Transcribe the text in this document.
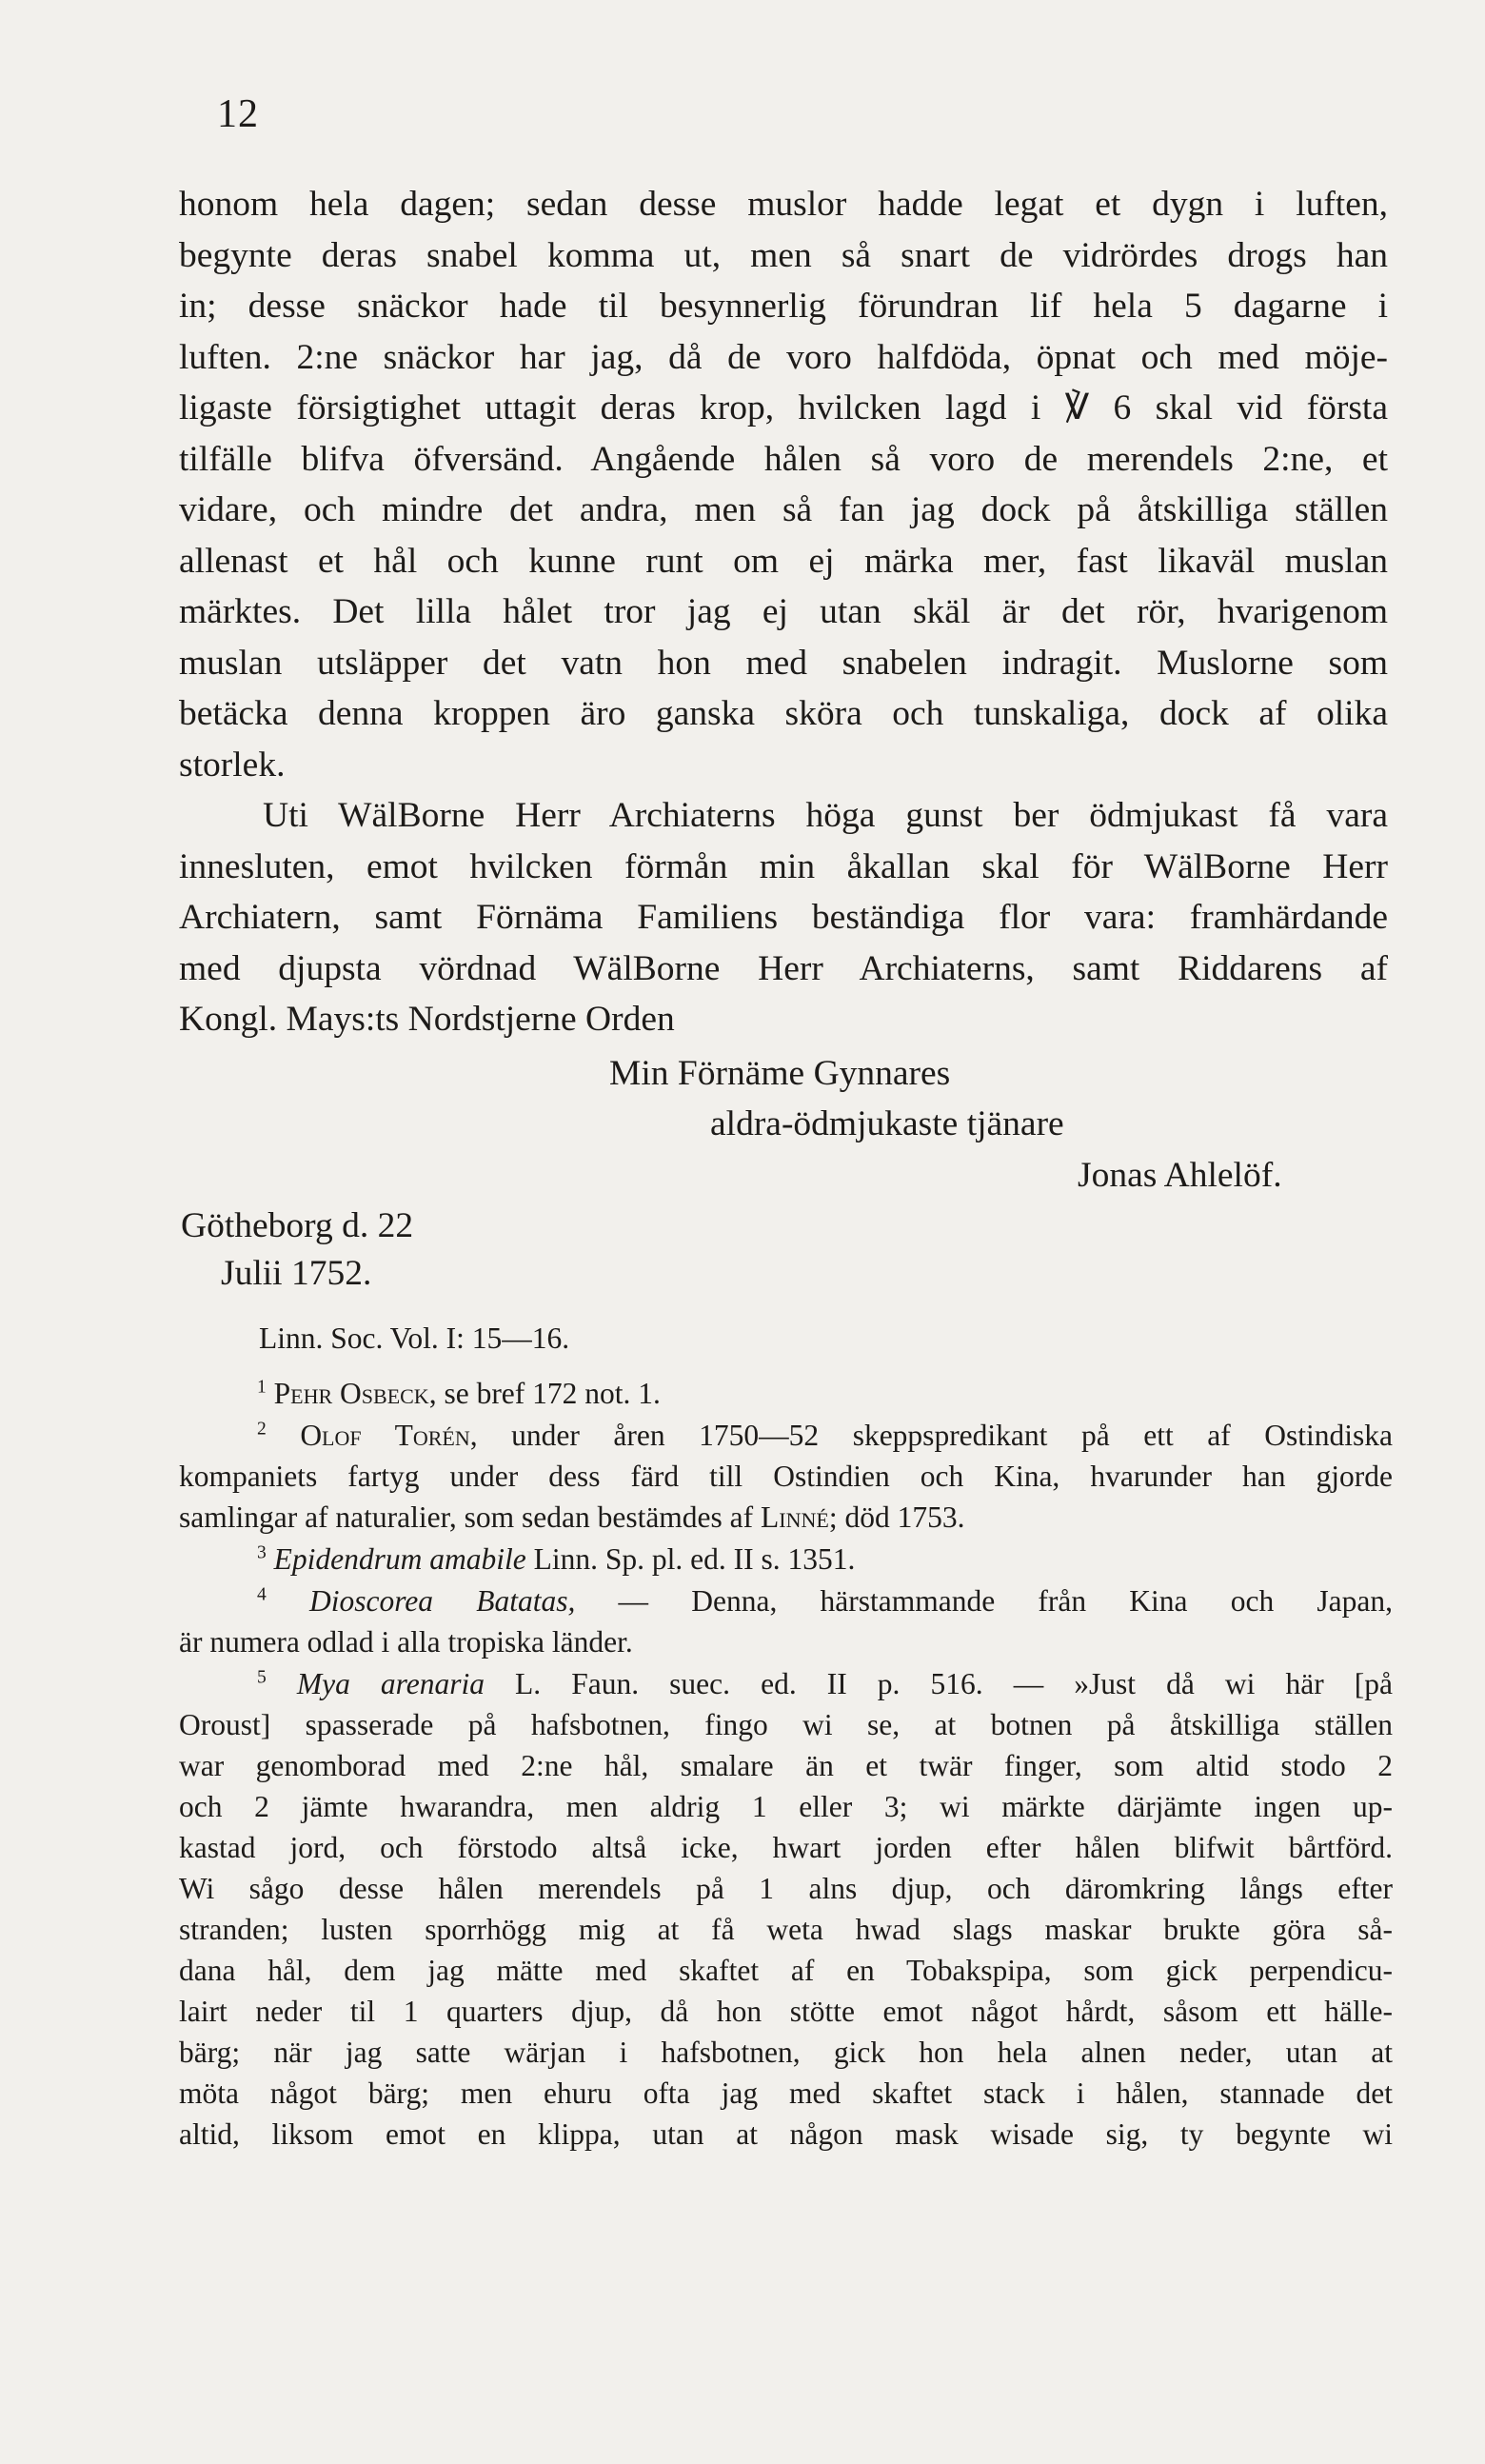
12
honom hela dagen; sedan desse muslor hadde legat et dygn i luften,
begynte deras snabel komma ut, men så snart de vidrördes drogs han
in; desse snäckor hade til besynnerlig förundran lif hela 5 dagarne i
luften. 2:ne snäckor har jag, då de voro halfdöda, öpnat och med möje-
ligaste försigtighet uttagit deras krop, hvilcken lagd i ℣ 6 skal vid första
tilfälle blifva öfversänd. Angående hålen så voro de merendels 2:ne, et
vidare, och mindre det andra, men så fan jag dock på åtskilliga ställen
allenast et hål och kunne runt om ej märka mer, fast likaväl muslan
märktes. Det lilla hålet tror jag ej utan skäl är det rör, hvarigenom
muslan utsläpper det vatn hon med snabelen indragit. Muslorne som
betäcka denna kroppen äro ganska sköra och tunskaliga, dock af olika
storlek.
Uti WälBorne Herr Archiaterns höga gunst ber ödmjukast få vara
innesluten, emot hvilcken förmån min åkallan skal för WälBorne Herr
Archiatern, samt Förnäma Familiens beständiga flor vara: framhärdande
med djupsta vördnad WälBorne Herr Archiaterns, samt Riddarens af
Kongl. Mays:ts Nordstjerne Orden
Min Förnäme Gynnares
aldra-ödmjukaste tjänare
Jonas Ahlelöf.
Götheborg d. 22
Julii 1752.
Linn. Soc. Vol. I: 15—16.
$^1$ Pehr Osbeck, se bref 172 not. 1.
$^2$ Olof Torén, under åren 1750—52 skeppspredikant på ett af Ostindiska
kompaniets fartyg under dess färd till Ostindien och Kina, hvarunder han gjorde
samlingar af naturalier, som sedan bestämdes af Linné; död 1753.
$^3$ Epidendrum amabile Linn. Sp. pl. ed. II s. 1351.
$^4$ Dioscorea Batatas, — Denna, härstammande från Kina och Japan,
är numera odlad i alla tropiska länder.
$^5$ Mya arenaria L. Faun. suec. ed. II p. 516. — »Just då wi här [på
Oroust] spasserade på hafsbotnen, fingo wi se, at botnen på åtskilliga ställen
war genomborad med 2:ne hål, smalare än et twär finger, som altid stodo 2
och 2 jämte hwarandra, men aldrig 1 eller 3; wi märkte därjämte ingen up-
kastad jord, och förstodo altså icke, hwart jorden efter hålen blifwit bårtförd.
Wi sågo desse hålen merendels på 1 alns djup, och däromkring långs efter
stranden; lusten sporrhögg mig at få weta hwad slags maskar brukte göra så-
dana hål, dem jag mätte med skaftet af en Tobakspipa, som gick perpendicu-
lairt neder til 1 quarters djup, då hon stötte emot något hårdt, såsom ett hälle-
bärg; när jag satte wärjan i hafsbotnen, gick hon hela alnen neder, utan at
möta något bärg; men ehuru ofta jag med skaftet stack i hålen, stannade det
altid, liksom emot en klippa, utan at någon mask wisade sig, ty begynte wi
